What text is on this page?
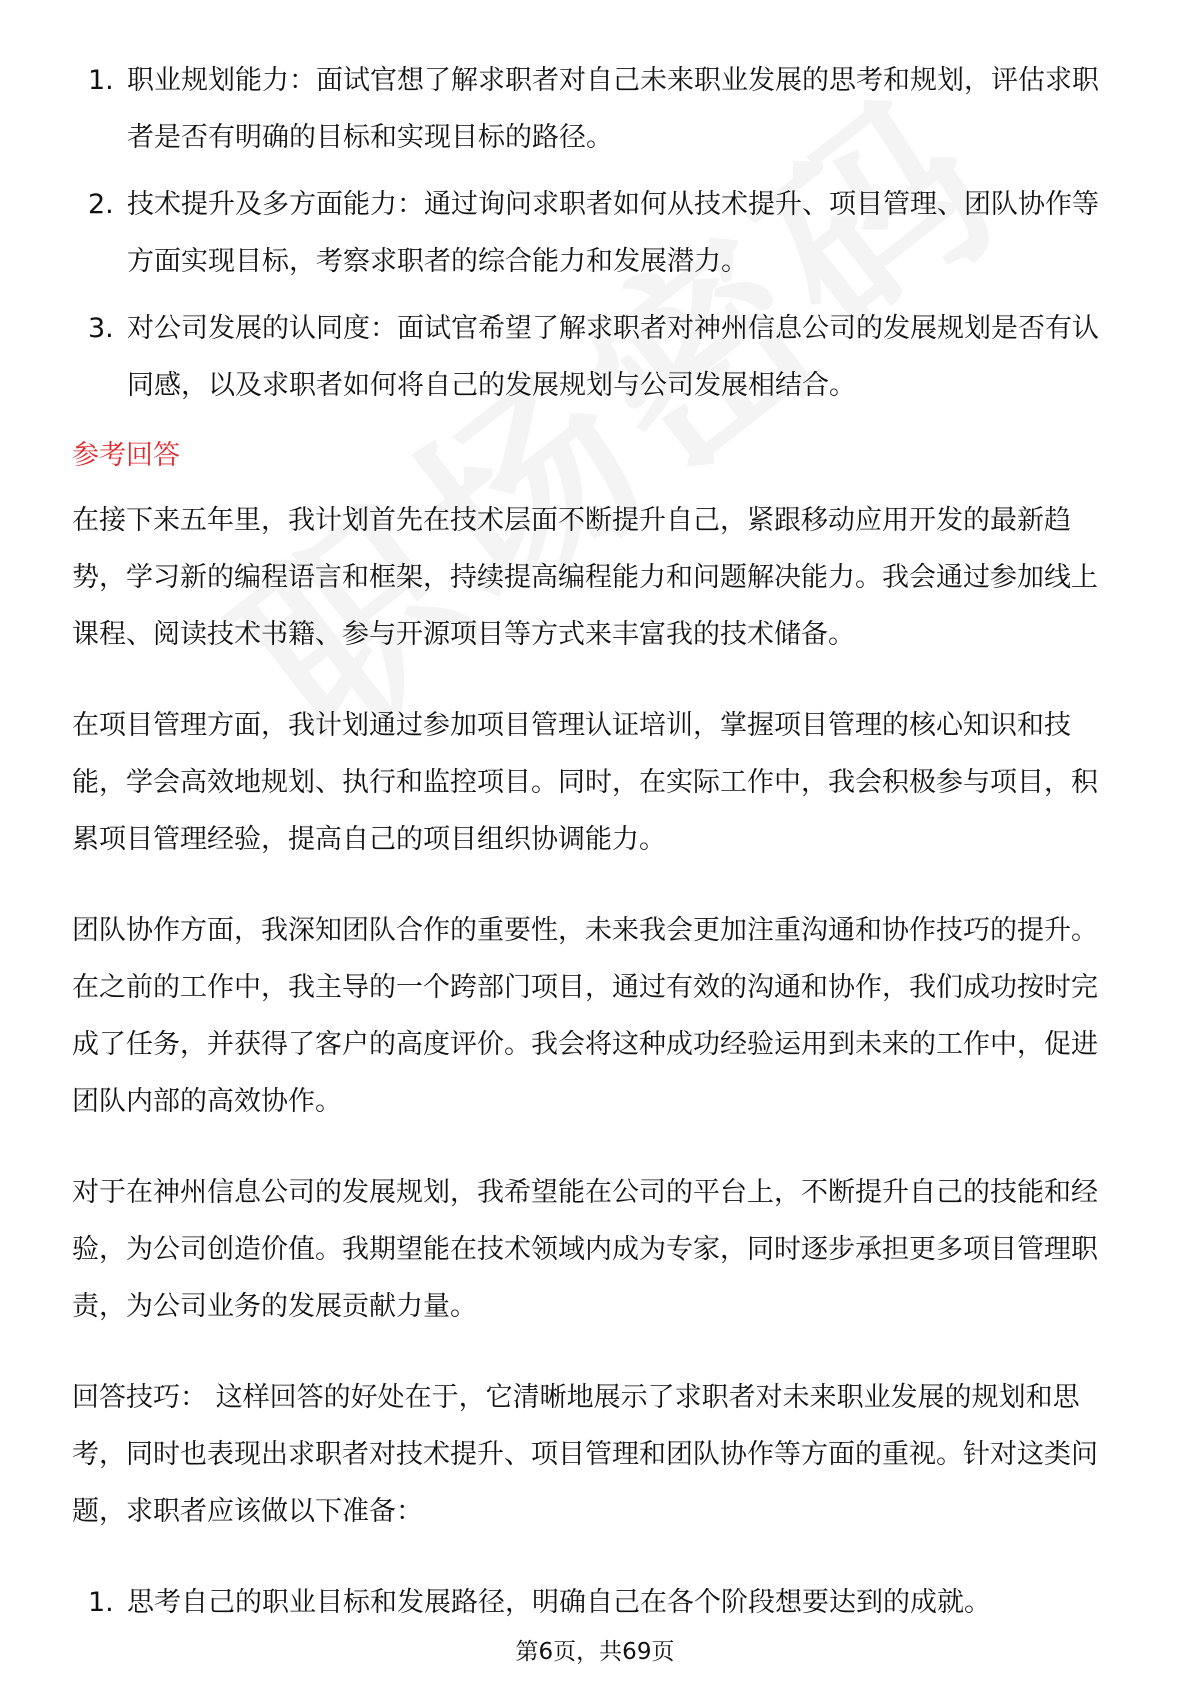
1. 职业规划能力：面试官想了解求职者对自己未来职业发展的思考和规划，评估求职者是否有明确的目标和实现目标的路径。
2. 技术提升及多方面能力：通过询问求职者如何从技术提升、项目管理、团队协作等方面实现目标，考察求职者的综合能力和发展潜力。
3. 对公司发展的认同度：面试官希望了解求职者对神州信息公司的发展规划是否有认同感，以及求职者如何将自己的发展规划与公司发展相结合。
参考回答

在接下来五年里，我计划首先在技术层面不断提升自己，紧跟移动应用开发的最新趋势，学习新的编程语言和框架，持续提高编程能力和问题解决能力。我会通过参加线上课程、阅读技术书籍、参与开源项目等方式来丰富我的技术储备。

在项目管理方面，我计划通过参加项目管理认证培训，掌握项目管理的核心知识和技能，学会高效地规划、执行和监控项目。同时，在实际工作中，我会积极参与项目，积累项目管理经验，提高自己的项目组织协调能力。

团队协作方面，我深知团队合作的重要性，未来我会更加注重沟通和协作技巧的提升。在之前的工作中，我主导的一个跨部门项目，通过有效的沟通和协作，我们成功按时完成了任务，并获得了客户的高度评价。我会将这种成功经验运用到未来的工作中，促进团队内部的高效协作。

对于在神州信息公司的发展规划，我希望能在公司的平台上，不断提升自己的技能和经验，为公司创造价值。我期望能在技术领域内成为专家，同时逐步承担更多项目管理职责，为公司业务的发展贡献力量。

回答技巧： 这样回答的好处在于，它清晰地展示了求职者对未来职业发展的规划和思考，同时也表现出求职者对技术提升、项目管理和团队协作等方面的重视。针对这类问题，求职者应该做以下准备：

1. 思考自己的职业目标和发展路径，明确自己在各个阶段想要达到的成就。
第6页，共69页
